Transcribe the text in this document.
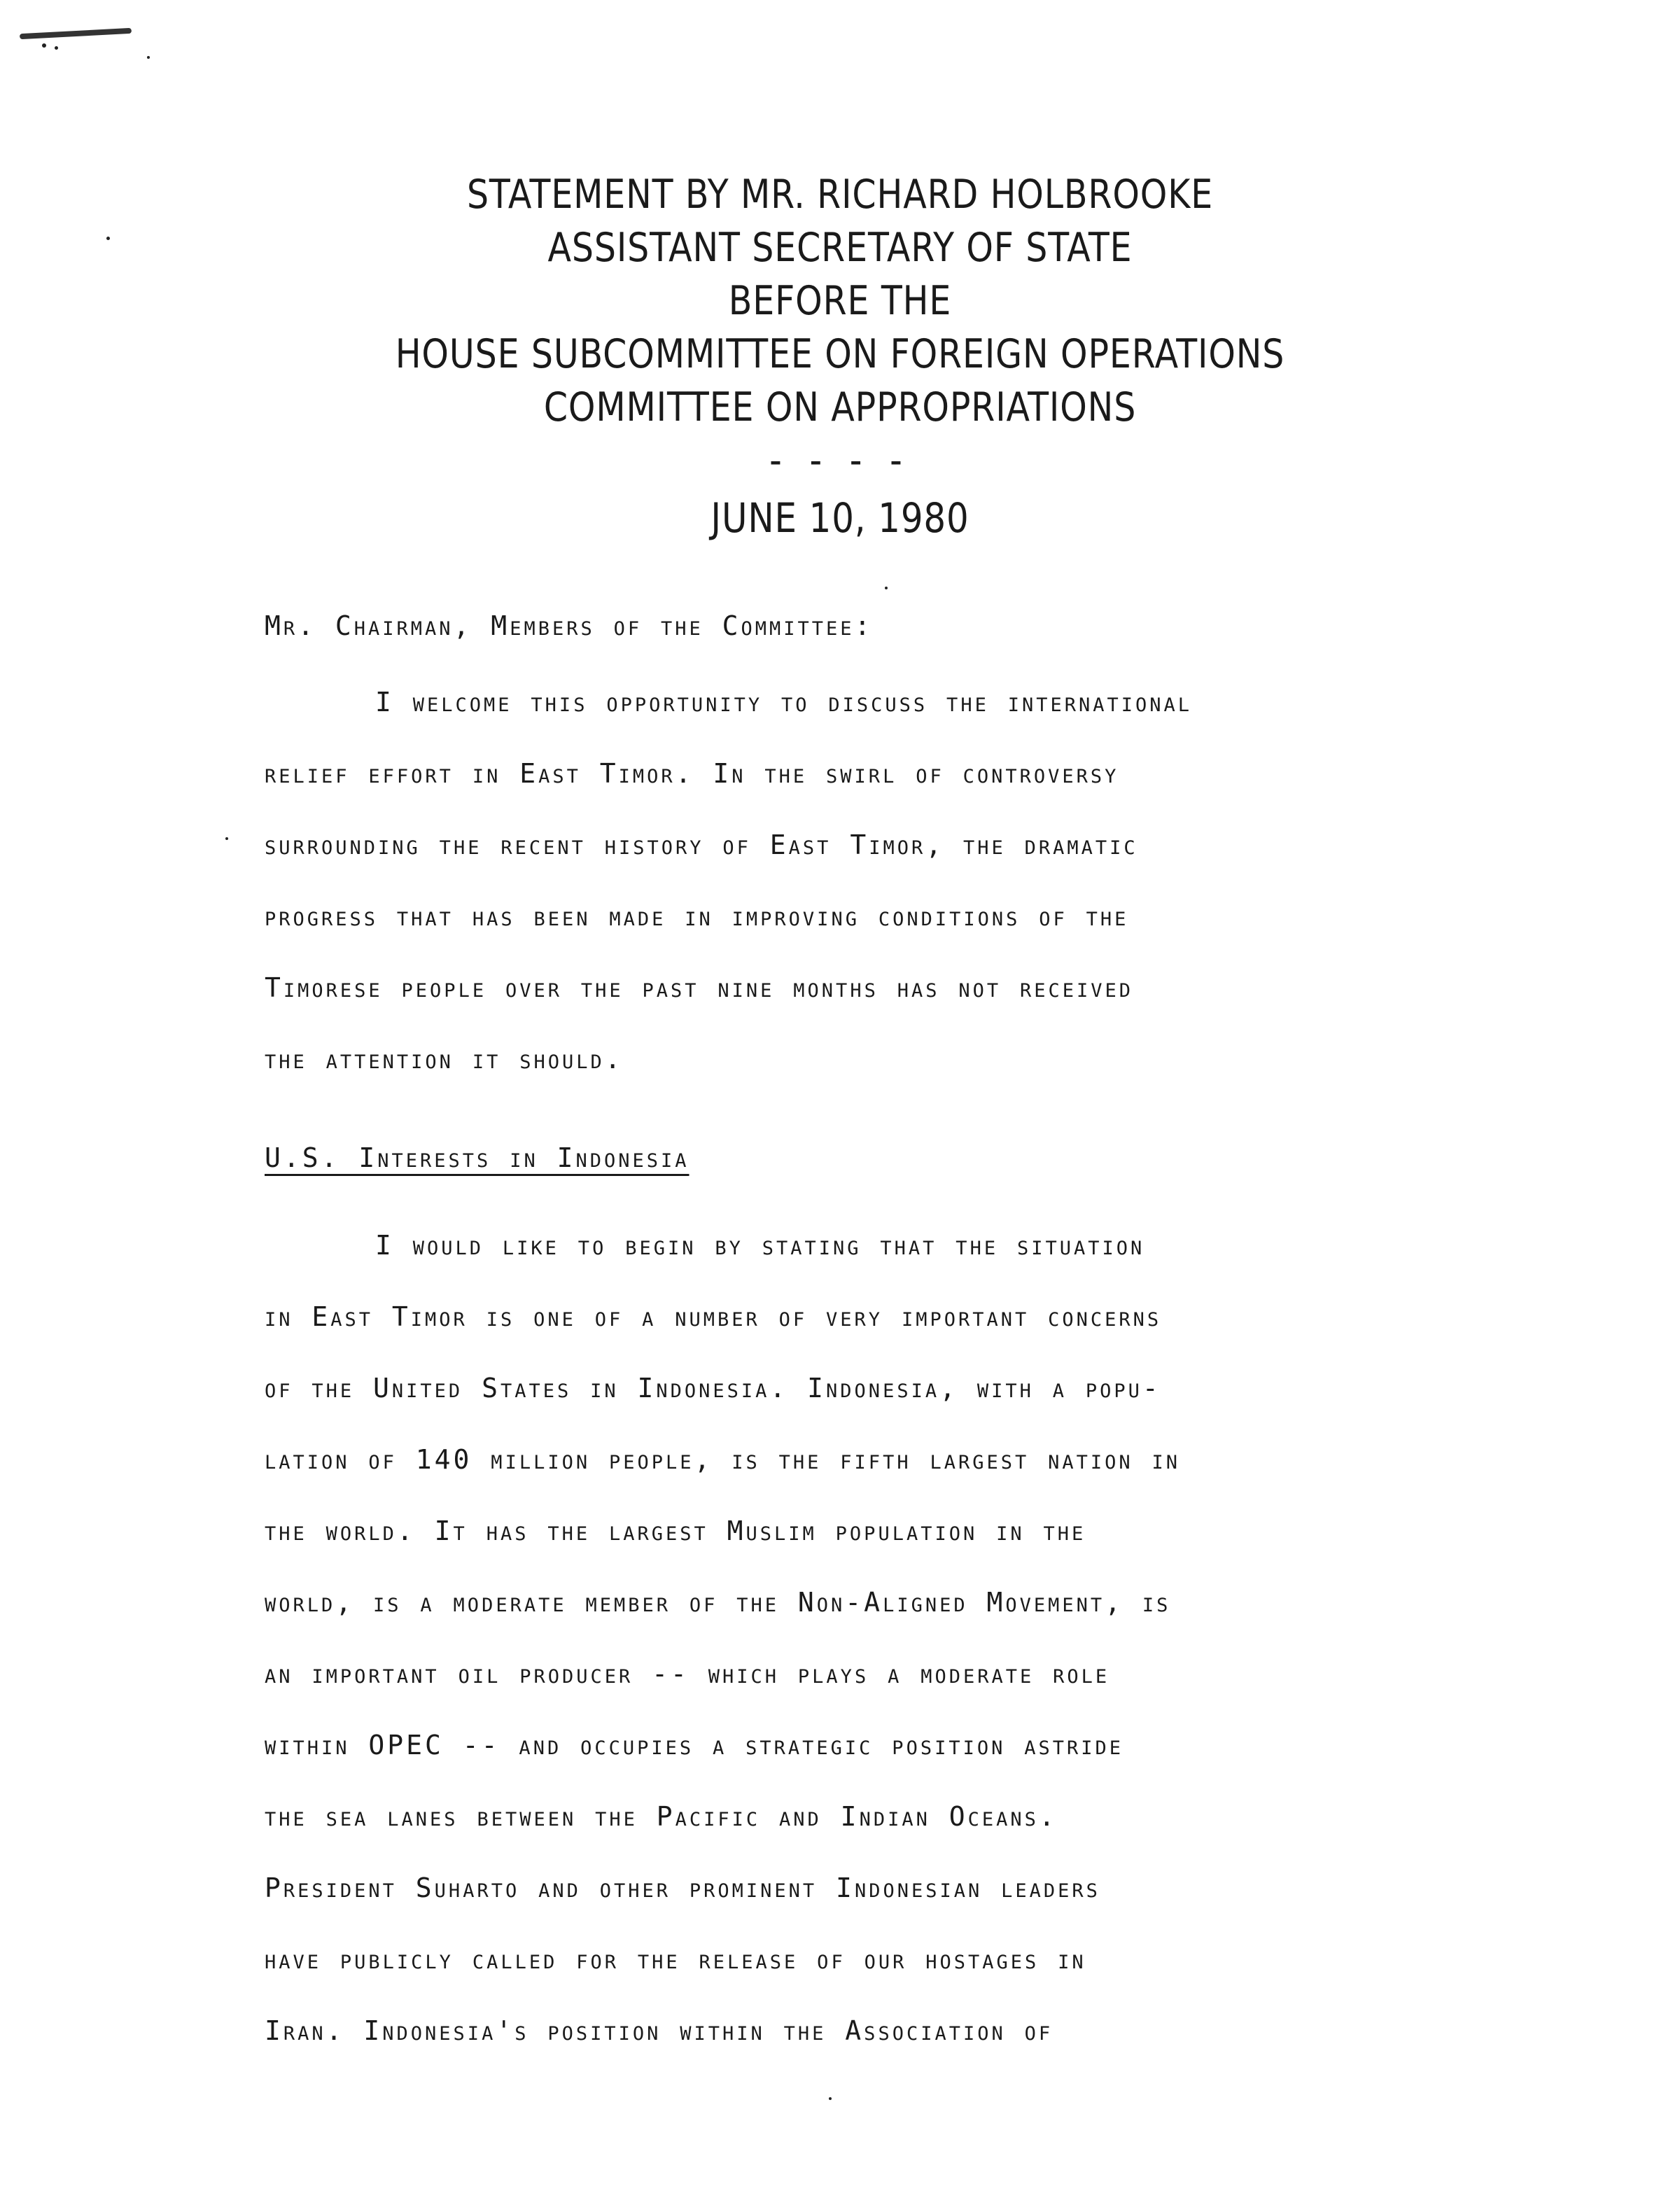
STATEMENT BY MR. RICHARD HOLBROOKE
ASSISTANT SECRETARY OF STATE
BEFORE THE
HOUSE SUBCOMMITTEE ON FOREIGN OPERATIONS
COMMITTEE ON APPROPRIATIONS
- - - -
JUNE 10, 1980
Mr. Chairman, Members of the Committee:
I welcome this opportunity to discuss the international
relief effort in East Timor. In the swirl of controversy
surrounding the recent history of East Timor, the dramatic
progress that has been made in improving conditions of the
Timorese people over the past nine months has not received
the attention it should.
U.S. Interests in Indonesia
I would like to begin by stating that the situation
in East Timor is one of a number of very important concerns
of the United States in Indonesia. Indonesia, with a popu-
lation of 140 million people, is the fifth largest nation in
the world. It has the largest Muslim population in the
world, is a moderate member of the Non-Aligned Movement, is
an important oil producer -- which plays a moderate role
within OPEC -- and occupies a strategic position astride
the sea lanes between the Pacific and Indian Oceans.
President Suharto and other prominent Indonesian leaders
have publicly called for the release of our hostages in
Iran. Indonesia's position within the Association of
